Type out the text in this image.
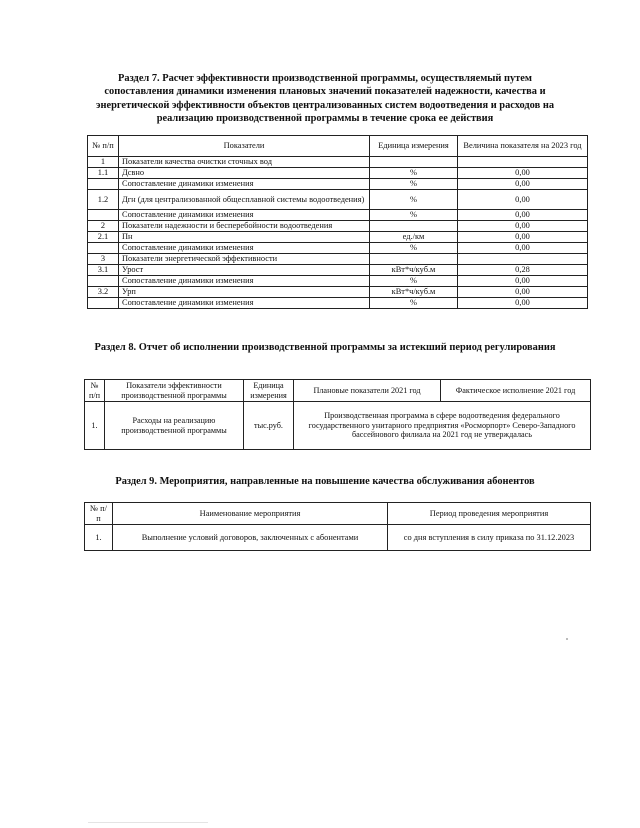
Раздел 7. Расчет эффективности производственной программы, осуществляемый путем сопоставления динамики изменения плановых значений показателей надежности, качества и энергетической эффективности объектов централизованных систем водоотведения и расходов на реализацию производственной программы в течение срока ее действия

№ п/п	Показатели	Единица измерения	Величина показателя на 2023 год
1	Показатели качества очистки сточных вод		
1.1	Дсвно	%	0,00
	Сопоставление динамики изменения	%	0,00
1.2	Дгн (для централизованной общесплавной системы водоотведения)	%	0,00
	Сопоставление динамики изменения	%	0,00
2	Показатели надежности и бесперебойности водоотведения		0,00
2.1	Пн	ед./км	0,00
	Сопоставление динамики изменения	%	0,00
3	Показатели энергетической эффективности		
3.1	Урост	кВт*ч/куб.м	0,28
	Сопоставление динамики изменения	%	0,00
3.2	Урп	кВт*ч/куб.м	0,00
	Сопоставление динамики изменения	%	0,00

Раздел 8. Отчет об исполнении производственной программы за истекший период регулирования

№ п/п	Показатели эффективности производственной программы	Единица измерения	Плановые показатели 2021 год	Фактическое исполнение 2021 год
1.	Расходы на реализацию производственной программы	тыс.руб.	Производственная программа в сфере водоотведения федерального государственного унитарного предприятия «Росморпорт» Северо-Западного бассейнового филиала на 2021 год не утверждалась	

Раздел 9. Мероприятия, направленные на повышение качества обслуживания абонентов

№ п/п	Наименование мероприятия	Период проведения мероприятия
1.	Выполнение условий договоров, заключенных с абонентами	со дня вступления в силу приказа по 31.12.2023
